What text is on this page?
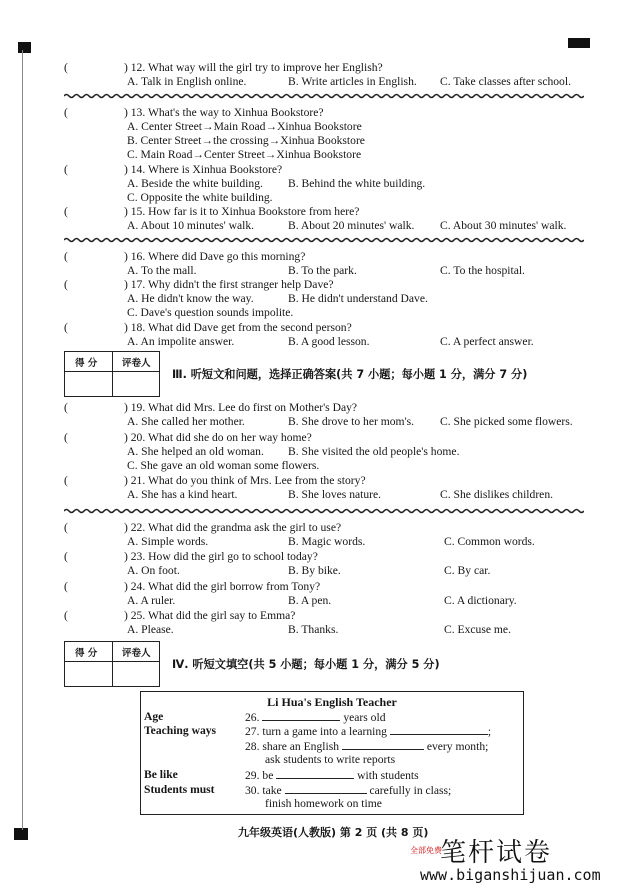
(	) 12. What way will the girl try to improve her English?
A. Talk in English online.	B. Write articles in English. C. Take classes after school.
(	) 13. What's the way to Xinhua Bookstore?
A. Center Street→Main Road→Xinhua Bookstore
B. Center Street→the crossing→Xinhua Bookstore
C. Main Road→Center Street→Xinhua Bookstore
(	) 14. Where is Xinhua Bookstore?
A. Beside the white building. B. Behind the white building.
C. Opposite the white building.
(	) 15. How far is it to Xinhua Bookstore from here?
A. About 10 minutes' walk.	B. About 20 minutes' walk. C. About 30 minutes' walk.
(	) 16. Where did Dave go this morning?
A. To the mall.	B. To the park.	C. To the hospital.
(	) 17. Why didn't the first stranger help Dave?
A. He didn't know the way.	B. He didn't understand Dave.
C. Dave's question sounds impolite.
(	) 18. What did Dave get from the second person?
A. An impolite answer.	B. A good lesson.	C. A perfect answer.
得 分	评卷人
Ⅲ. 听短文和问题，选择正确答案(共 7 小题；每小题 1 分，满分 7 分)
(	) 19. What did Mrs. Lee do first on Mother's Day?
A. She called her mother.	B. She drove to her mom's. C. She picked some flowers.
(	) 20. What did she do on her way home?
A. She helped an old woman. B. She visited the old people's home.
C. She gave an old woman some flowers.
(	) 21. What do you think of Mrs. Lee from the story?
A. She has a kind heart.	B. She loves nature.	C. She dislikes children.
(	) 22. What did the grandma ask the girl to use?
A. Simple words.	B. Magic words.	C. Common words.
(	) 23. How did the girl go to school today?
A. On foot.	B. By bike.	C. By car.
(	) 24. What did the girl borrow from Tony?
A. A ruler.	B. A pen.	C. A dictionary.
(	) 25. What did the girl say to Emma?
A. Please.	B. Thanks.	C. Excuse me.
得 分	评卷人
Ⅳ. 听短文填空(共 5 小题；每小题 1 分，满分 5 分)
Li Hua's English Teacher
Age	26.	years old
Teaching ways 27. turn a game into a learning	;
28. share an English	every month;
ask students to write reports
Be like	29. be	with students
Students must	30. take	carefully in class;
finish homework on time
九年级英语(人教版) 第 2 页 (共 8 页)
全部免费
笔杆试卷
www.biganshijuan.com
